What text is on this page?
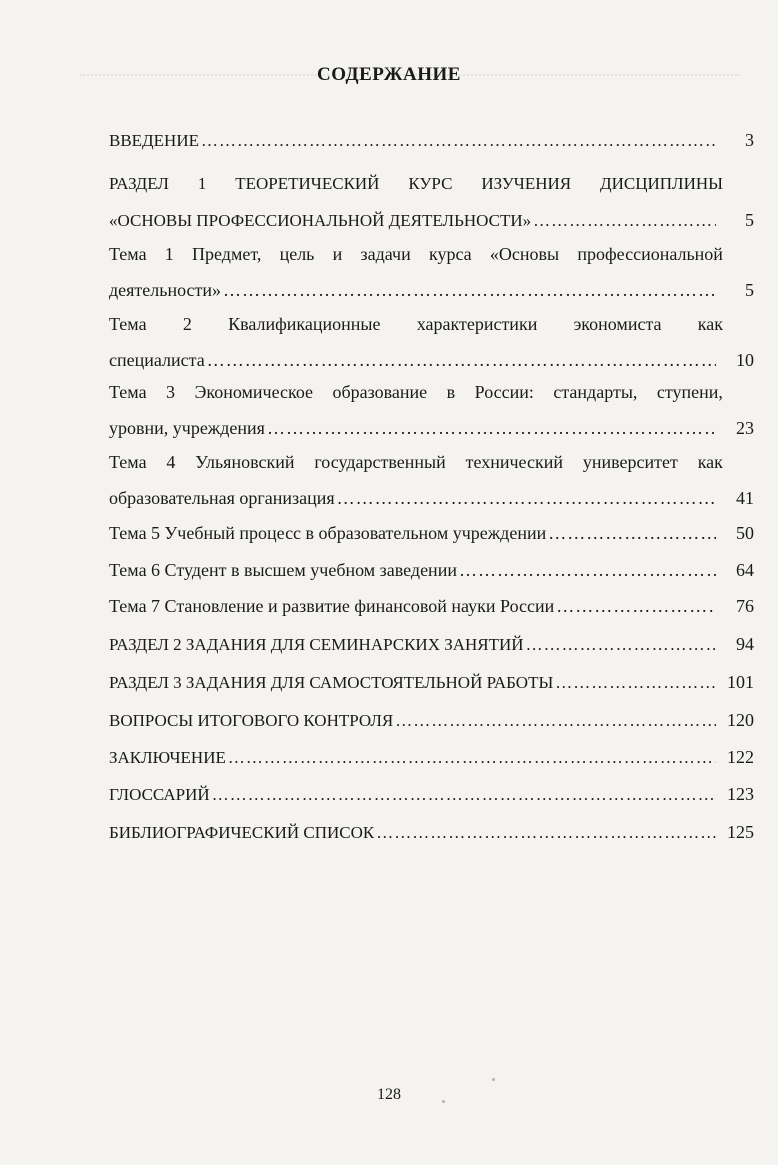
СОДЕРЖАНИЕ
ВВЕДЕНИЕ ………………………………………………………………………………………………………………………………………………	3
РАЗДЕЛ 1 ТЕОРЕТИЧЕСКИЙ КУРС ИЗУЧЕНИЯ ДИСЦИПЛИНЫ
«ОСНОВЫ ПРОФЕССИОНАЛЬНОЙ ДЕЯТЕЛЬНОСТИ» ………………………………………………………………………………………………………………………………………………	5
Тема 1 Предмет, цель и задачи курса «Основы профессиональной
деятельности» ………………………………………………………………………………………………………………………………………………	5
Тема 2 Квалификационные характеристики экономиста как
специалиста ………………………………………………………………………………………………………………………………………………	10
Тема 3 Экономическое образование в России: стандарты, ступени,
уровни, учреждения ………………………………………………………………………………………………………………………………………………	23
Тема 4 Ульяновский государственный технический университет как
образовательная организация ………………………………………………………………………………………………………………………………………………	41
Тема 5 Учебный процесс в образовательном учреждении ………………………………………………………………………………………………………………………………………………	50
Тема 6 Студент в высшем учебном заведении ………………………………………………………………………………………………………………………………………………	64
Тема 7 Становление и развитие финансовой науки России ………………………………………………………………………………………………………………………………………………	76
РАЗДЕЛ 2 ЗАДАНИЯ ДЛЯ СЕМИНАРСКИХ ЗАНЯТИЙ ………………………………………………………………………………………………………………………………………………	94
РАЗДЕЛ 3 ЗАДАНИЯ ДЛЯ САМОСТОЯТЕЛЬНОЙ РАБОТЫ ………………………………………………………………………………………………………………………………………………	101
ВОПРОСЫ ИТОГОВОГО КОНТРОЛЯ ………………………………………………………………………………………………………………………………………………	120
ЗАКЛЮЧЕНИЕ ………………………………………………………………………………………………………………………………………………	122
ГЛОССАРИЙ ………………………………………………………………………………………………………………………………………………	123
БИБЛИОГРАФИЧЕСКИЙ СПИСОК ………………………………………………………………………………………………………………………………………………	125
128
